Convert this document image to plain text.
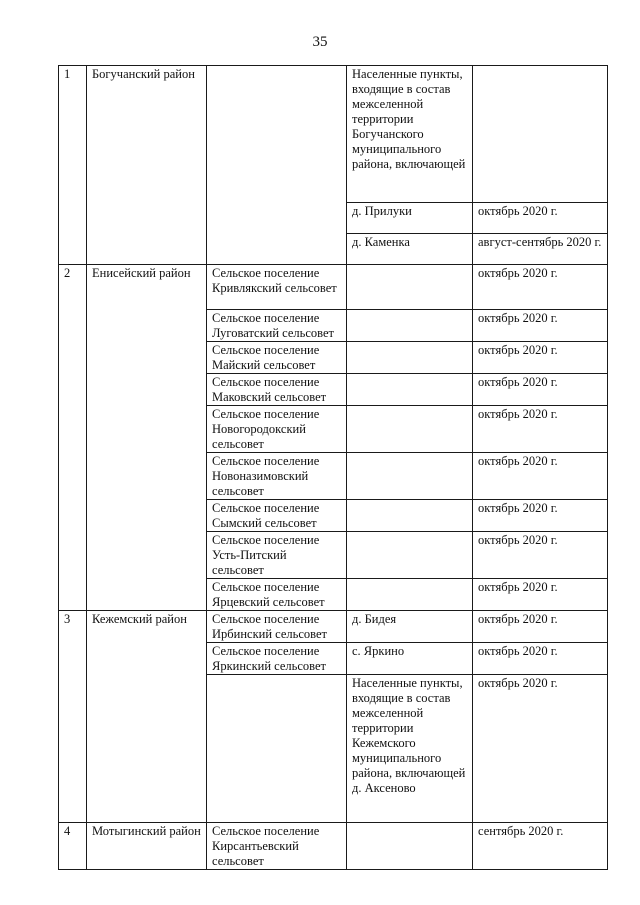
35
1	Богучанский район		Населенные пункты, входящие в состав межселенной территории Богучанского муниципального района, включающей	
			д. Прилуки	октябрь 2020 г.
			д. Каменка	август-сентябрь 2020 г.
2	Енисейский район	Сельское поселение Кривлякский сельсовет		октябрь 2020 г.
		Сельское поселение Луговатский сельсовет		октябрь 2020 г.
		Сельское поселение Майский сельсовет		октябрь 2020 г.
		Сельское поселение Маковский сельсовет		октябрь 2020 г.
		Сельское поселение Новогородокский сельсовет		октябрь 2020 г.
		Сельское поселение Новоназимовский сельсовет		октябрь 2020 г.
		Сельское поселение Сымский сельсовет		октябрь 2020 г.
		Сельское поселение Усть-Питский сельсовет		октябрь 2020 г.
		Сельское поселение Ярцевский сельсовет		октябрь 2020 г.
3	Кежемский район	Сельское поселение Ирбинский сельсовет	д. Бидея	октябрь 2020 г.
		Сельское поселение Яркинский сельсовет	с. Яркино	октябрь 2020 г.
			Населенные пункты, входящие в состав межселенной территории Кежемского муниципального района, включающей д. Аксеново	октябрь 2020 г.
4	Мотыгинский район	Сельское поселение Кирсантьевский сельсовет		сентябрь 2020 г.
